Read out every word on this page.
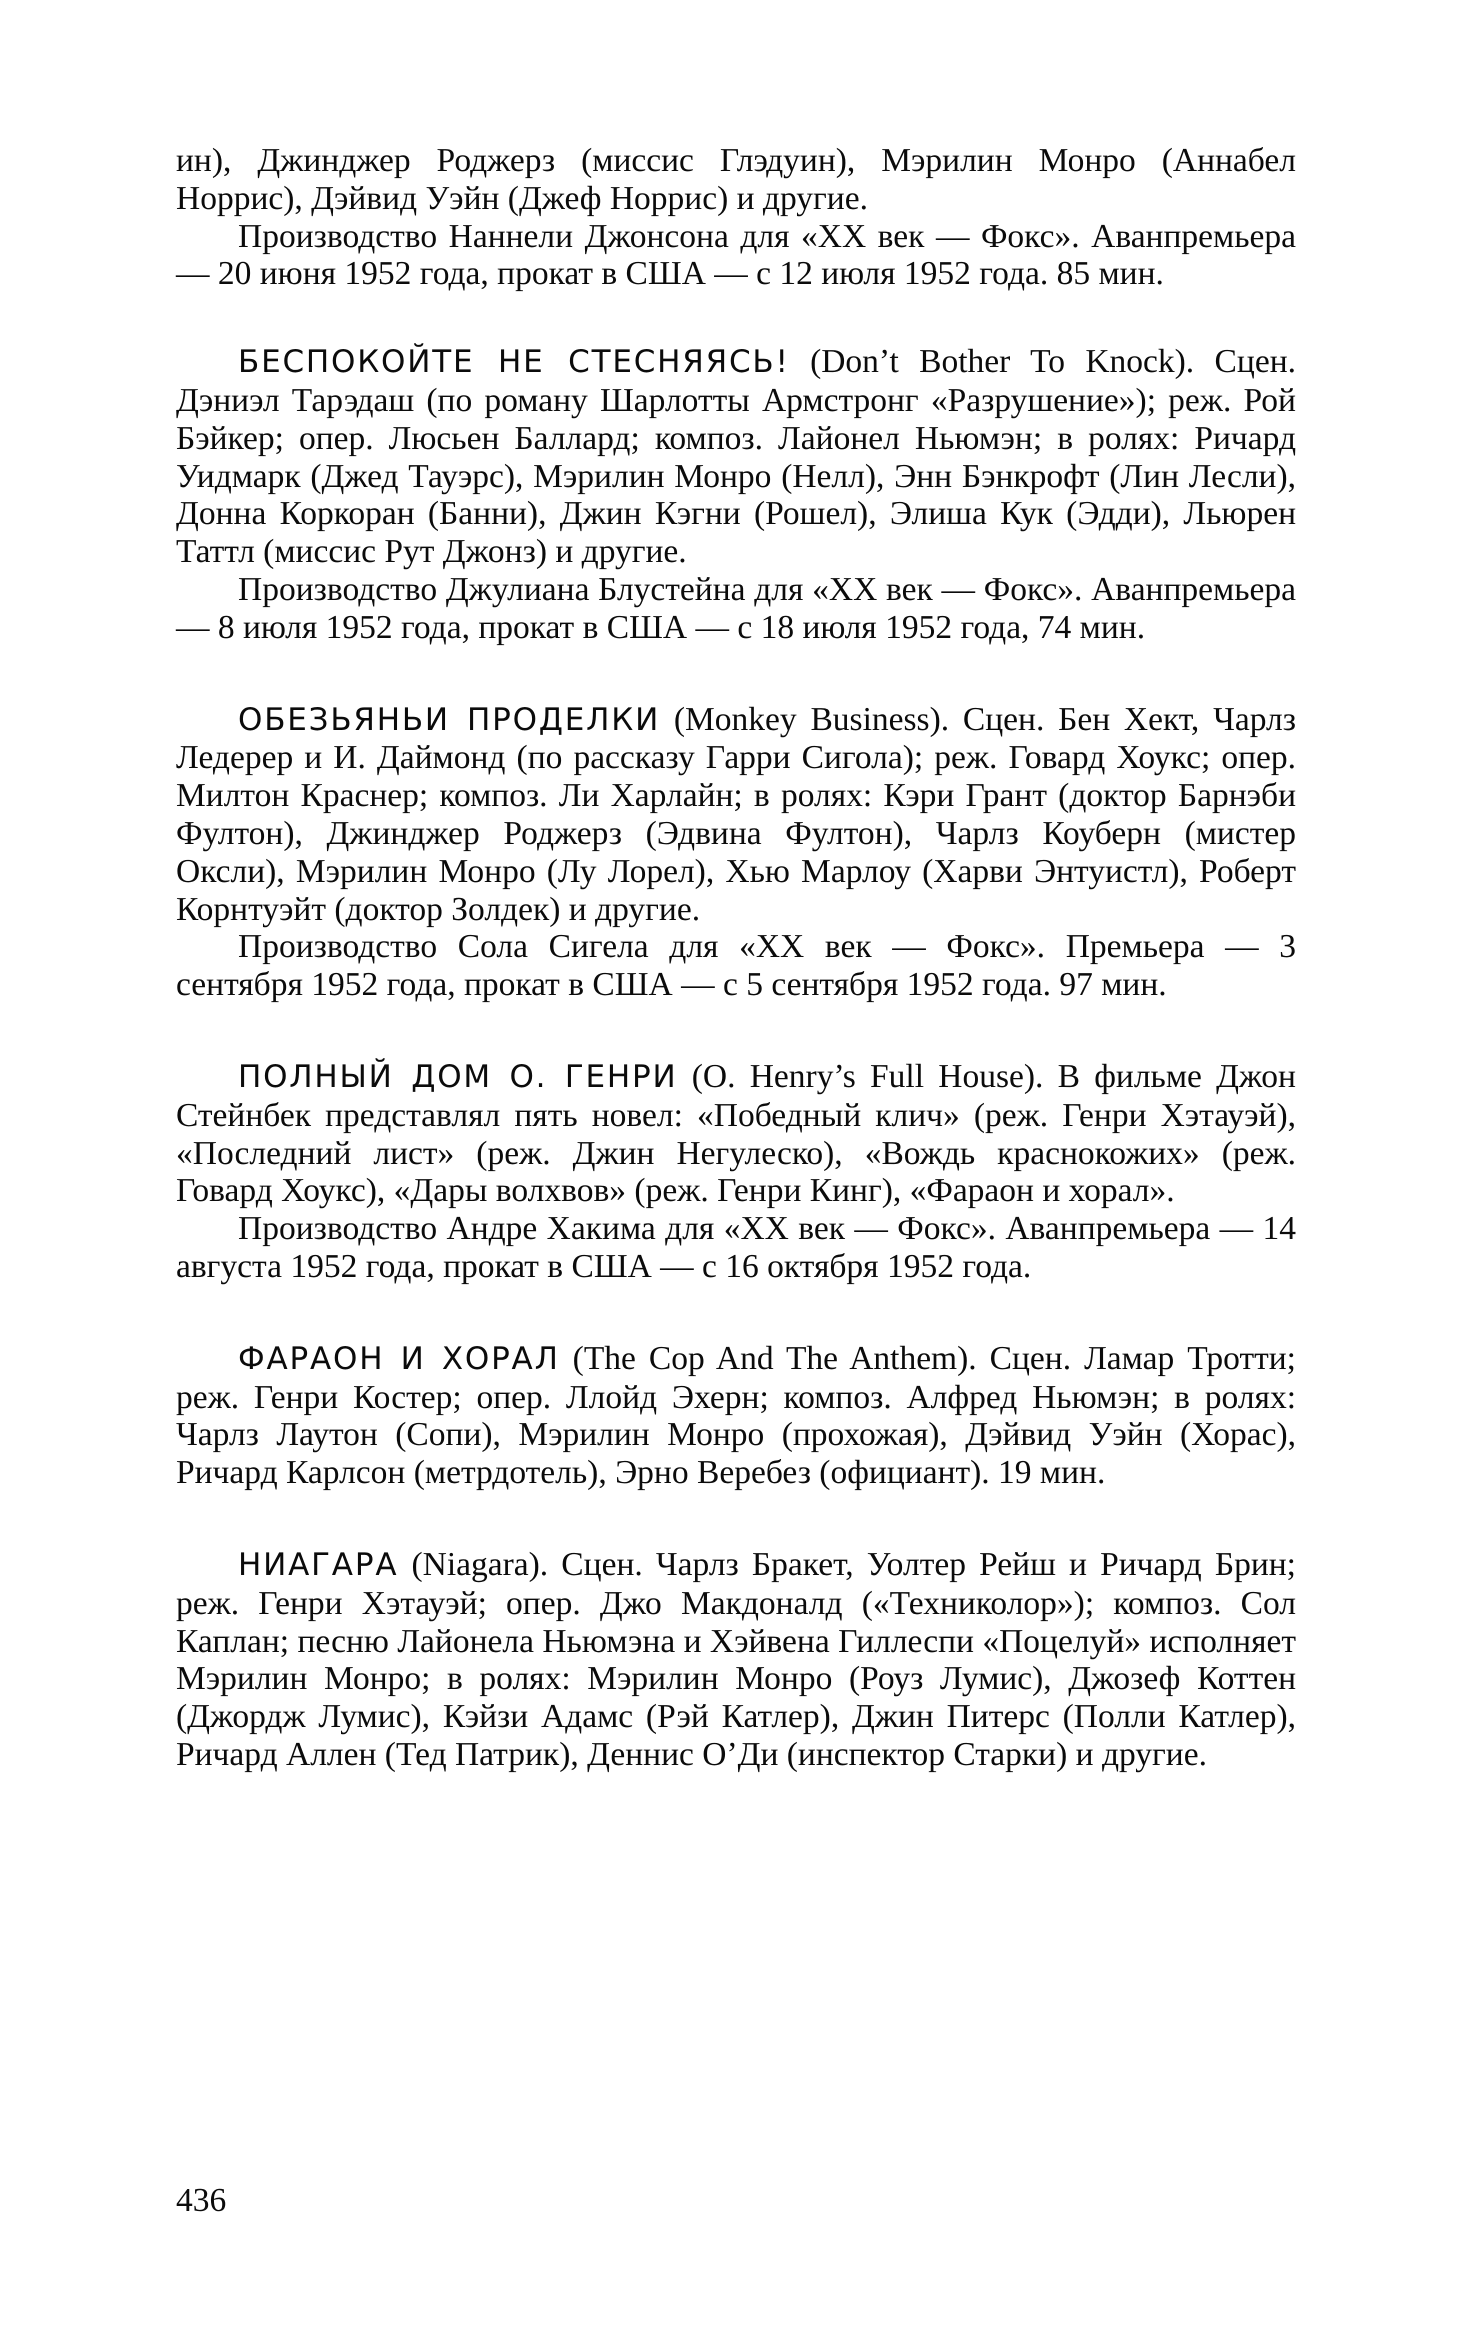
ин), Джинджер Роджерз (миссис Глэдуин), Мэрилин Монро (Аннабел Норрис), Дэйвид Уэйн (Джеф Норрис) и другие.

Производство Наннели Джонсона для «XX век — Фокс». Аванпремьера — 20 июня 1952 года, прокат в США — с 12 июля 1952 года. 85 мин.

БЕСПОКОЙТЕ НЕ СТЕСНЯЯСЬ! (Don’t Bother To Knock). Сцен. Дэниэл Тарэдаш (по роману Шарлотты Армстронг «Разрушение»); реж. Рой Бэйкер; опер. Люсьен Баллард; композ. Лайонел Ньюмэн; в ролях: Ричард Уидмарк (Джед Тауэрс), Мэрилин Монро (Нелл), Энн Бэнкрофт (Лин Лесли), Донна Коркоран (Банни), Джин Кэгни (Рошел), Элиша Кук (Эдди), Льюрен Таттл (миссис Рут Джонз) и другие.

Производство Джулиана Блустейна для «XX век — Фокс». Аванпремьера — 8 июля 1952 года, прокат в США — с 18 июля 1952 года, 74 мин.

ОБЕЗЬЯНЬИ ПРОДЕЛКИ (Monkey Business). Сцен. Бен Хект, Чарлз Ледерер и И. Даймонд (по рассказу Гарри Сигола); реж. Говард Хоукс; опер. Милтон Краснер; композ. Ли Харлайн; в ролях: Кэри Грант (доктор Барнэби Фултон), Джинджер Роджерз (Эдвина Фултон), Чарлз Коуберн (мистер Оксли), Мэрилин Монро (Лу Лорел), Хью Марлоу (Харви Энтуистл), Роберт Корнтуэйт (доктор Золдек) и другие.

Производство Сола Сигела для «XX век — Фокс». Премьера — 3 сентября 1952 года, прокат в США — с 5 сентября 1952 года. 97 мин.

ПОЛНЫЙ ДОМ О. ГЕНРИ (O. Henry’s Full House). В фильме Джон Стейнбек представлял пять новел: «Победный клич» (реж. Генри Хэтауэй), «Последний лист» (реж. Джин Негулеско), «Вождь краснокожих» (реж. Говард Хоукс), «Дары волхвов» (реж. Генри Кинг), «Фараон и хорал».

Производство Андре Хакима для «XX век — Фокс». Аванпремьера — 14 августа 1952 года, прокат в США — с 16 октября 1952 года.

ФАРАОН И ХОРАЛ (The Cop And The Anthem). Сцен. Ламар Тротти; реж. Генри Костер; опер. Ллойд Эхерн; композ. Алфред Ньюмэн; в ролях: Чарлз Лаутон (Сопи), Мэрилин Монро (прохожая), Дэйвид Уэйн (Хорас), Ричард Карлсон (метрдотель), Эрно Веребез (официант). 19 мин.

НИАГАРА (Niagara). Сцен. Чарлз Бракет, Уолтер Рейш и Ричард Брин; реж. Генри Хэтауэй; опер. Джо Макдоналд («Техниколор»); композ. Сол Каплан; песню Лайонела Ньюмэна и Хэйвена Гиллеспи «Поцелуй» исполняет Мэрилин Монро; в ролях: Мэрилин Монро (Роуз Лумис), Джозеф Коттен (Джордж Лумис), Кэйзи Адамс (Рэй Катлер), Джин Питерс (Полли Катлер), Ричард Аллен (Тед Патрик), Деннис О’Ди (инспектор Старки) и другие.

436
